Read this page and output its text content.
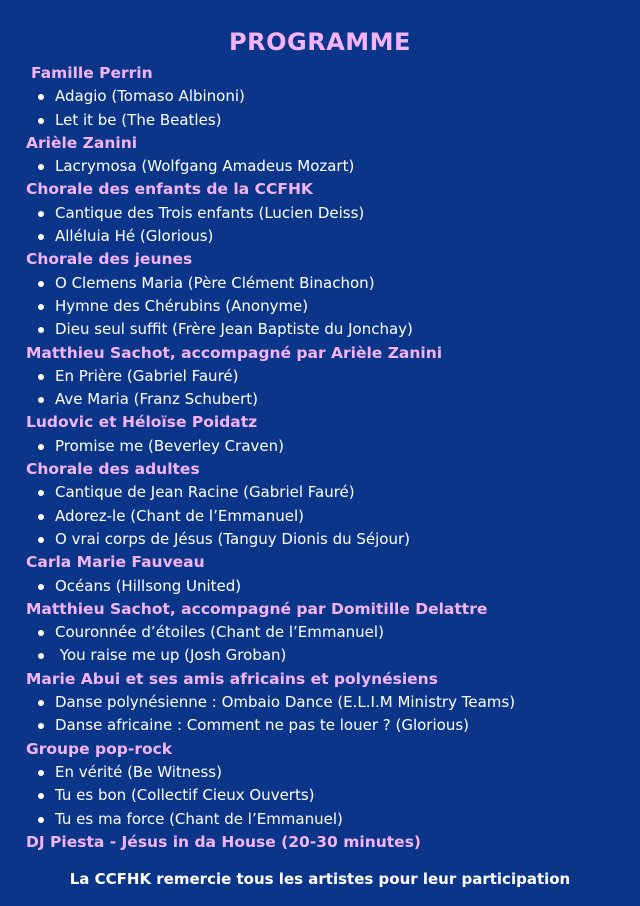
PROGRAMME
Famille Perrin
Adagio (Tomaso Albinoni)
Let it be (The Beatles)
Arièle Zanini
Lacrymosa (Wolfgang Amadeus Mozart)
Chorale des enfants de la CCFHK
Cantique des Trois enfants (Lucien Deiss)
Alléluia Hé (Glorious)
Chorale des jeunes
O Clemens Maria (Père Clément Binachon)
Hymne des Chérubins (Anonyme)
Dieu seul suffit (Frère Jean Baptiste du Jonchay)
Matthieu Sachot, accompagné par Arièle Zanini
En Prière (Gabriel Fauré)
Ave Maria (Franz Schubert)
Ludovic et Héloïse Poidatz
Promise me (Beverley Craven)
Chorale des adultes
Cantique de Jean Racine (Gabriel Fauré)
Adorez-le (Chant de l’Emmanuel)
O vrai corps de Jésus (Tanguy Dionis du Séjour)
Carla Marie Fauveau
Océans (Hillsong United)
Matthieu Sachot, accompagné par Domitille Delattre
Couronnée d’étoiles (Chant de l’Emmanuel)
You raise me up (Josh Groban)
Marie Abui et ses amis africains et polynésiens
Danse polynésienne : Ombaio Dance (E.L.I.M Ministry Teams)
Danse africaine : Comment ne pas te louer ? (Glorious)
Groupe pop-rock
En vérité (Be Witness)
Tu es bon (Collectif Cieux Ouverts)
Tu es ma force (Chant de l’Emmanuel)
DJ Piesta - Jésus in da House (20-30 minutes)

La CCFHK remercie tous les artistes pour leur participation
